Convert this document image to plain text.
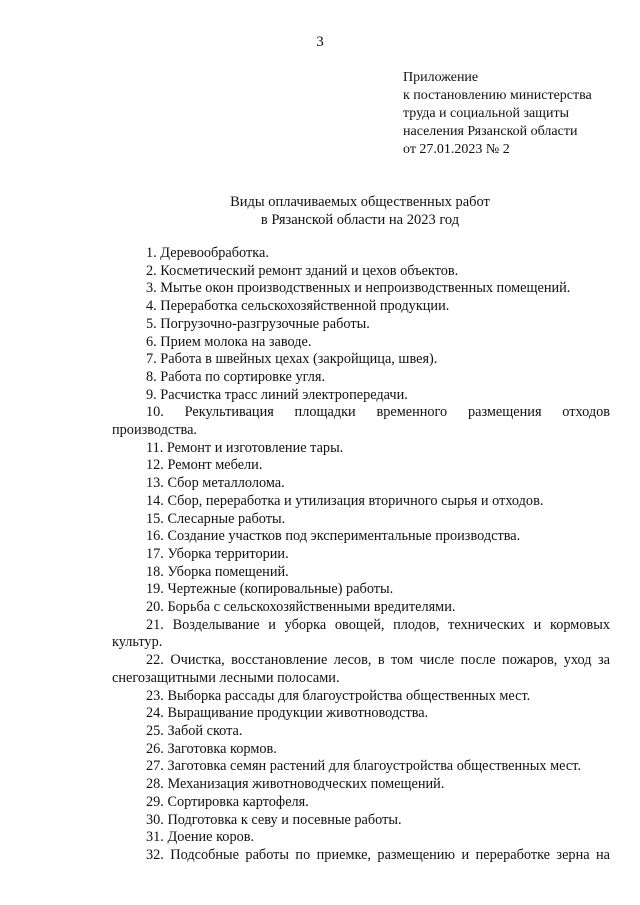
3
Приложение
к постановлению министерства
труда и социальной защиты
населения Рязанской области
от 27.01.2023 № 2
Виды оплачиваемых общественных работ
в Рязанской области на 2023 год
1. Деревообработка.
2. Косметический ремонт зданий и цехов объектов.
3. Мытье окон производственных и непроизводственных помещений.
4. Переработка сельскохозяйственной продукции.
5. Погрузочно-разгрузочные работы.
6. Прием молока на заводе.
7. Работа в швейных цехах (закройщица, швея).
8. Работа по сортировке угля.
9. Расчистка трасс линий электропередачи.
10. Рекультивация площадки временного размещения отходов
производства.
11. Ремонт и изготовление тары.
12. Ремонт мебели.
13. Сбор металлолома.
14. Сбор, переработка и утилизация вторичного сырья и отходов.
15. Слесарные работы.
16. Создание участков под экспериментальные производства.
17. Уборка территории.
18. Уборка помещений.
19. Чертежные (копировальные) работы.
20. Борьба с сельскохозяйственными вредителями.
21. Возделывание и уборка овощей, плодов, технических и кормовых
культур.
22. Очистка, восстановление лесов, в том числе после пожаров, уход за
снегозащитными лесными полосами.
23. Выборка рассады для благоустройства общественных мест.
24. Выращивание продукции животноводства.
25. Забой скота.
26. Заготовка кормов.
27. Заготовка семян растений для благоустройства общественных мест.
28. Механизация животноводческих помещений.
29. Сортировка картофеля.
30. Подготовка к севу и посевные работы.
31. Доение коров.
32. Подсобные работы по приемке, размещению и переработке зерна на
